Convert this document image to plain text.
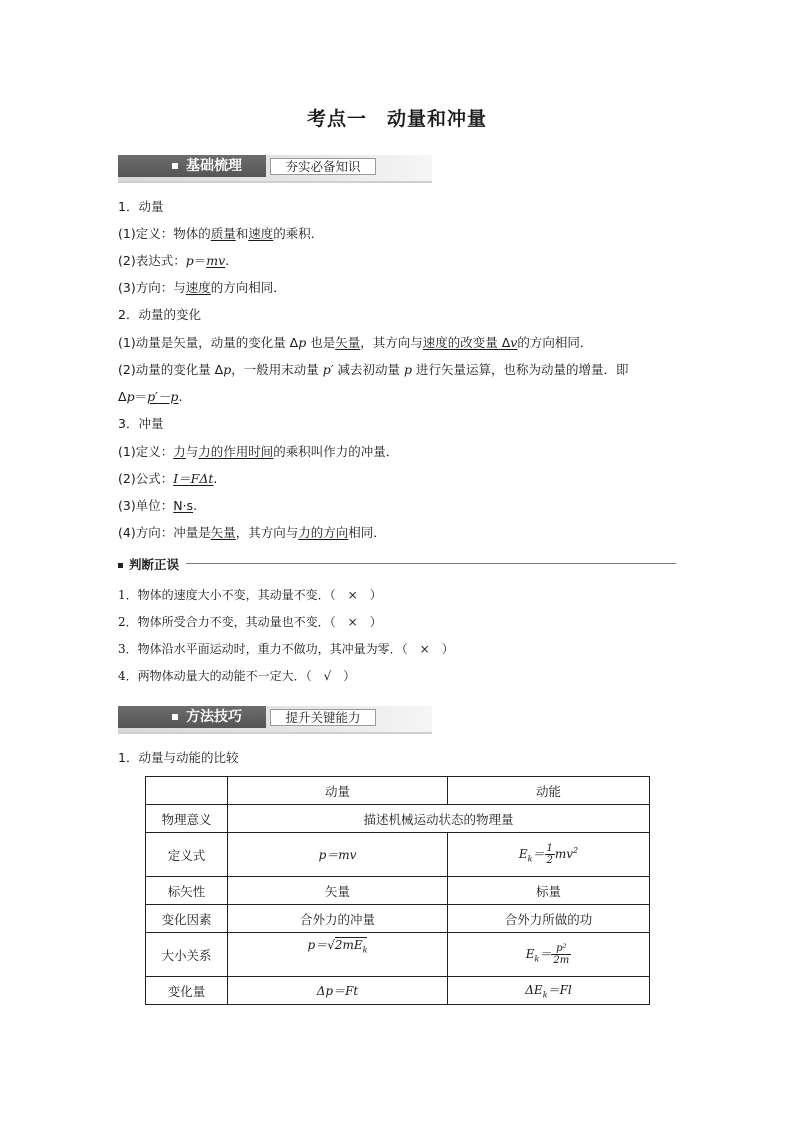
考点一　动量和冲量
基础梳理	夯实必备知识
1．动量
(1)定义：物体的质量和速度的乘积．
(2)表达式：p＝mv.
(3)方向：与速度的方向相同．
2．动量的变化
(1)动量是矢量，动量的变化量 Δp 也是矢量，其方向与速度的改变量 Δv的方向相同．
(2)动量的变化量 Δp，一般用末动量 p′ 减去初动量 p 进行矢量运算，也称为动量的增量．即
Δp＝p′－p.
3．冲量
(1)定义：力与力的作用时间的乘积叫作力的冲量．
(2)公式：I＝FΔt.
(3)单位：N·s.
(4)方向：冲量是矢量，其方向与力的方向相同．
判断正误
1．物体的速度大小不变，其动量不变．（　×　）
2．物体所受合力不变，其动量也不变．（　×　）
3．物体沿水平面运动时，重力不做功，其冲量为零．（　×　）
4．两物体动量大的动能不一定大．（　√　）
方法技巧	提升关键能力
1．动量与动能的比较
	动量	动能
物理意义	描述机械运动状态的物理量	
定义式	p＝mv	$E_k= \frac{1}{2} mv^2$
标矢性	矢量	标量
变化因素	合外力的冲量	合外力所做的功
大小关系	$p=√2mE_k$	$E_k= \frac{\text{p²}}{2m}$

变化量	Δp＝Ft	$\Delta E_k=Fl$
